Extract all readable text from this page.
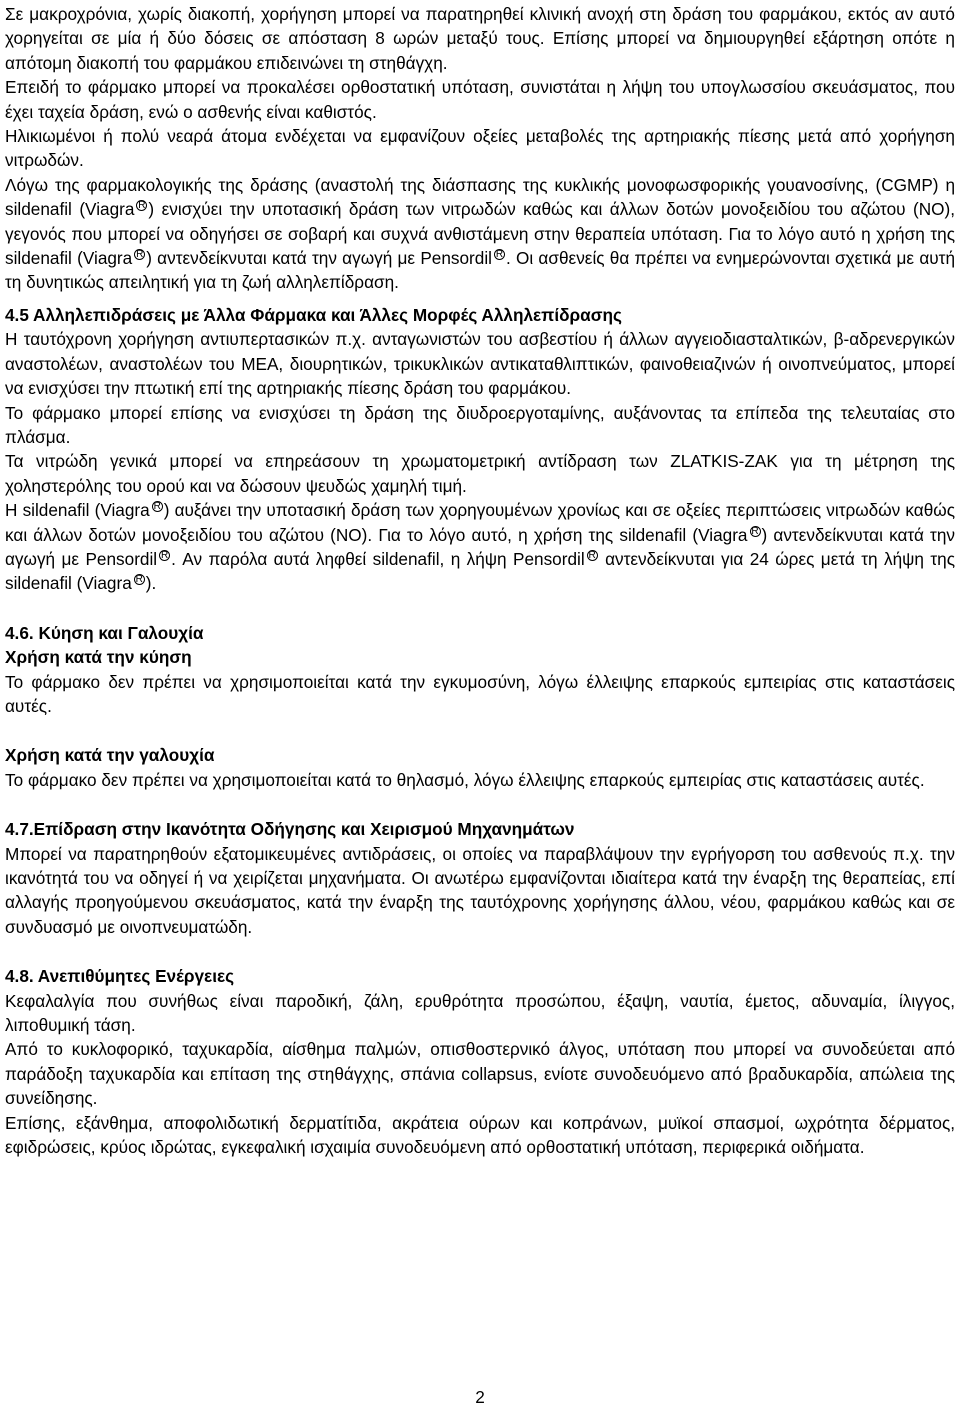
Σε μακροχρόνια, χωρίς διακοπή, χορήγηση μπορεί να παρατηρηθεί κλινική ανοχή στη δράση του φαρμάκου, εκτός αν αυτό χορηγείται σε μία ή δύο δόσεις σε απόσταση 8 ωρών μεταξύ τους. Επίσης μπορεί να δημιουργηθεί εξάρτηση οπότε η απότομη διακοπή του φαρμάκου επιδεινώνει τη στηθάγχη.

Επειδή το φάρμακο μπορεί να προκαλέσει ορθοστατική υπόταση, συνιστάται η λήψη του υπογλωσσίου σκευάσματος, που έχει ταχεία δράση, ενώ ο ασθενής είναι καθιστός.

Ηλικιωμένοι ή πολύ νεαρά άτομα ενδέχεται να εμφανίζουν οξείες μεταβολές της αρτηριακής πίεσης μετά από χορήγηση νιτρωδών.

Λόγω της φαρμακολογικής της δράσης (αναστολή της διάσπασης της κυκλικής μονοφωσφορικής γουανοσίνης, (CGMP) η sildenafil (Viagra R ) ενισχύει την υποτασική δράση των νιτρωδών καθώς και άλλων δοτών μονοξειδίου του αζώτου (ΝΟ), γεγονός που μπορεί να οδηγήσει σε σοβαρή και συχνά ανθιστάμενη στην θεραπεία υπόταση. Για το λόγο αυτό η χρήση της sildenafil (Viagra R ) αντενδείκνυται κατά την αγωγή με Pensordil R . Οι ασθενείς θα πρέπει να ενημερώνονται σχετικά με αυτή τη δυνητικώς απειλητική για τη ζωή αλληλεπίδραση.

4.5 Αλληλεπιδράσεις με Άλλα Φάρμακα και Άλλες Μορφές Αλληλεπίδρασης

Η ταυτόχρονη χορήγηση αντιυπερτασικών π.χ. ανταγωνιστών του ασβεστίου ή άλλων αγγειοδιασταλτικών, β-αδρενεργικών αναστολέων, αναστολέων του ΜΕΑ, διουρητικών, τρικυκλικών αντικαταθλιπτικών, φαινοθειαζινών ή οινοπνεύματος, μπορεί να ενισχύσει την πτωτική επί της αρτηριακής πίεσης δράση του φαρμάκου.

Το φάρμακο μπορεί επίσης να ενισχύσει τη δράση της διυδροεργοταμίνης, αυξάνοντας τα επίπεδα της τελευταίας στο πλάσμα.

Τα νιτρώδη γενικά μπορεί να επηρεάσουν τη χρωματομετρική αντίδραση των ZLATKIS-ZAK για τη μέτρηση της χοληστερόλης του ορού και να δώσουν ψευδώς χαμηλή τιμή.

Η sildenafil (Viagra R ) αυξάνει την υποτασική δράση των χορηγουμένων χρονίως και σε οξείες περιπτώσεις νιτρωδών καθώς και άλλων δοτών μονοξειδίου του αζώτου (NO). Για το λόγο αυτό, η χρήση της sildenafil (Viagra R ) αντενδείκνυται κατά την αγωγή με Pensordil R . Αν παρόλα αυτά ληφθεί sildenafil, η λήψη Pensordil R αντενδείκνυται για 24 ώρες μετά τη λήψη της sildenafil (Viagra R ).

4.6. Κύηση και Γαλουχία
Χρήση κατά την κύηση

Το φάρμακο δεν πρέπει να χρησιμοποιείται κατά την εγκυμοσύνη, λόγω έλλειψης επαρκούς εμπειρίας στις καταστάσεις αυτές.

Χρήση κατά την γαλουχία

Το φάρμακο δεν πρέπει να χρησιμοποιείται κατά το θηλασμό, λόγω έλλειψης επαρκούς εμπειρίας στις καταστάσεις αυτές.

4.7.Επίδραση στην Ικανότητα Οδήγησης και Χειρισμού Μηχανημάτων

Μπορεί να παρατηρηθούν εξατομικευμένες αντιδράσεις, οι οποίες να παραβλάψουν την εγρήγορση του ασθενούς π.χ. την ικανότητά του να οδηγεί ή να χειρίζεται μηχανήματα. Οι ανωτέρω εμφανίζονται ιδιαίτερα κατά την έναρξη της θεραπείας, επί αλλαγής προηγούμενου σκευάσματος, κατά την έναρξη της ταυτόχρονης χορήγησης άλλου, νέου, φαρμάκου καθώς και σε συνδυασμό με οινοπνευματώδη.

4.8. Ανεπιθύμητες Ενέργειες

Κεφαλαλγία που συνήθως είναι παροδική, ζάλη, ερυθρότητα προσώπου, έξαψη, ναυτία, έμετος, αδυναμία, ίλιγγος, λιποθυμική τάση.

Από το κυκλοφορικό, ταχυκαρδία, αίσθημα παλμών, οπισθοστερνικό άλγος, υπόταση που μπορεί να συνοδεύεται από παράδοξη ταχυκαρδία και επίταση της στηθάγχης, σπάνια collapsus, ενίοτε συνοδευόμενο από βραδυκαρδία, απώλεια της συνείδησης.

Επίσης, εξάνθημα, αποφολιδωτική δερματίτιδα, ακράτεια ούρων και κοπράνων, μυϊκοί σπασμοί, ωχρότητα δέρματος, εφιδρώσεις, κρύος ιδρώτας, εγκεφαλική ισχαιμία συνοδευόμενη από ορθοστατική υπόταση, περιφερικά οιδήματα.

2
